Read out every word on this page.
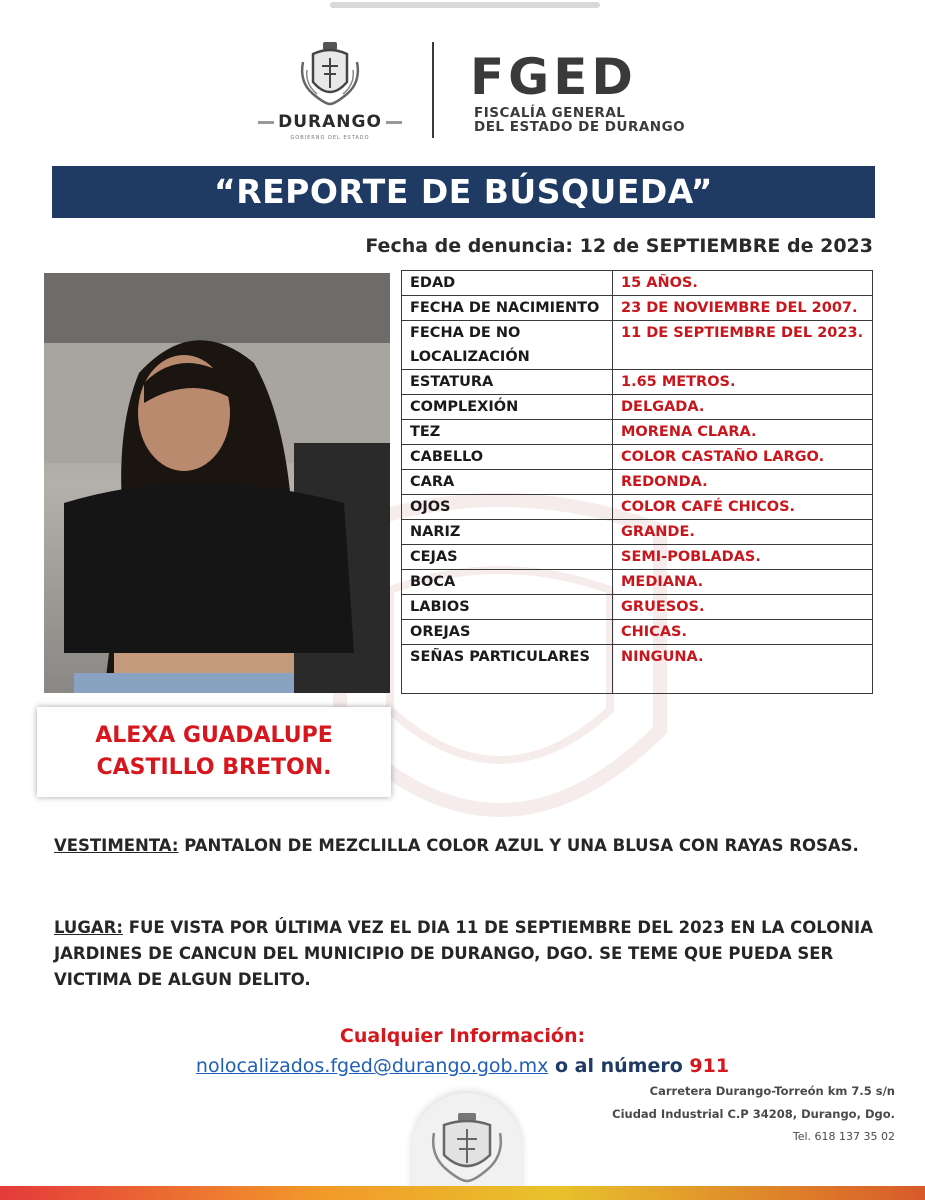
DURANGO
GOBIERNO DEL ESTADO
FGED
FISCALÍA GENERAL
DEL ESTADO DE DURANGO
“REPORTE DE BÚSQUEDA”
Fecha de denuncia: 12 de SEPTIEMBRE de 2023
ALEXA GUADALUPE
CASTILLO BRETON.
EDAD	15 AÑOS.
FECHA DE NACIMIENTO	23 DE NOVIEMBRE DEL 2007.
FECHA DE NO LOCALIZACIÓN	11 DE SEPTIEMBRE DEL 2023.
ESTATURA	1.65 METROS.
COMPLEXIÓN	DELGADA.
TEZ	MORENA CLARA.
CABELLO	COLOR CASTAÑO LARGO.
CARA	REDONDA.
OJOS	COLOR CAFÉ CHICOS.
NARIZ	GRANDE.
CEJAS	SEMI-POBLADAS.
BOCA	MEDIANA.
LABIOS	GRUESOS.
OREJAS	CHICAS.
SEÑAS PARTICULARES	NINGUNA.
VESTIMENTA: PANTALON DE MEZCLILLA COLOR AZUL Y UNA BLUSA CON RAYAS ROSAS.
LUGAR: FUE VISTA POR ÚLTIMA VEZ EL DIA 11 DE SEPTIEMBRE DEL 2023 EN LA COLONIA JARDINES DE CANCUN DEL MUNICIPIO DE DURANGO, DGO. SE TEME QUE PUEDA SER VICTIMA DE ALGUN DELITO.
Cualquier Información:
nolocalizados.fged@durango.gob.mx o al número 911
Carretera Durango-Torreón km 7.5 s/n
Ciudad Industrial C.P 34208, Durango, Dgo.
Tel. 618 137 35 02
